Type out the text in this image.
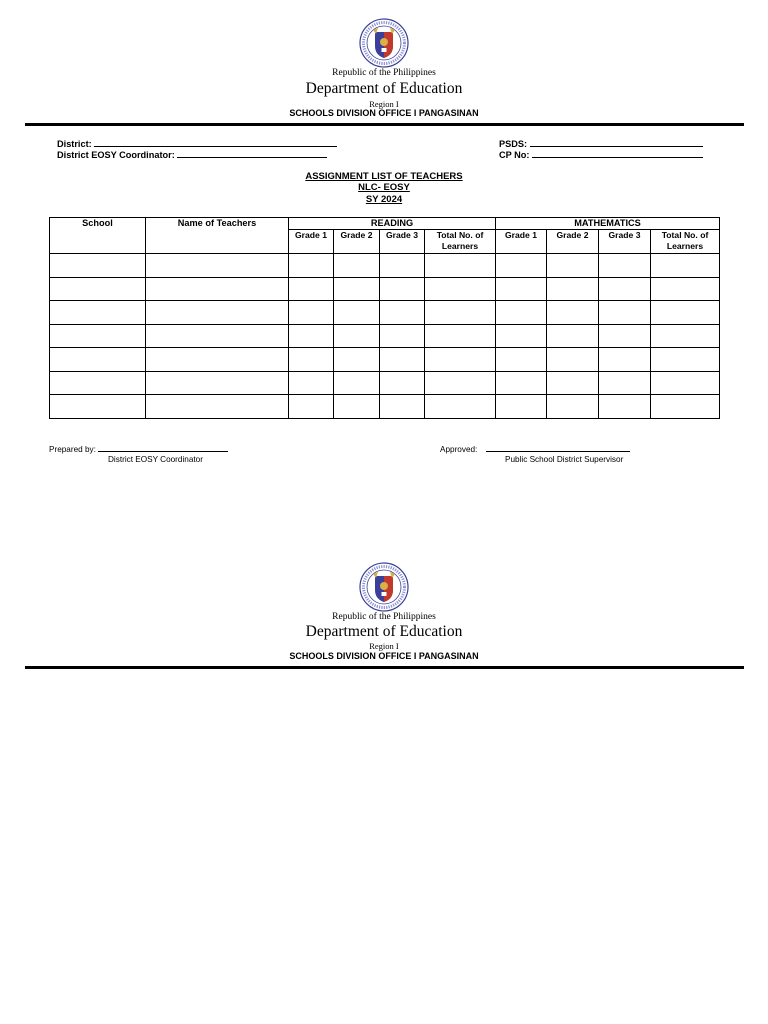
Republic of the Philippines
Department of Education
Region I
SCHOOLS DIVISION OFFICE I PANGASINAN
District:
District EOSY Coordinator:
PSDS:
CP No:
ASSIGNMENT LIST OF TEACHERS
NLC- EOSY
SY 2024
School	Name of Teachers	READING				MATHEMATICS			
		Grade 1	Grade 2	Grade 3	Total No. of Learners	Grade 1	Grade 2	Grade 3	Total No. of Learners

Prepared by:
District EOSY Coordinator
Approved:
Public School District Supervisor
Republic of the Philippines
Department of Education
Region I
SCHOOLS DIVISION OFFICE I PANGASINAN
